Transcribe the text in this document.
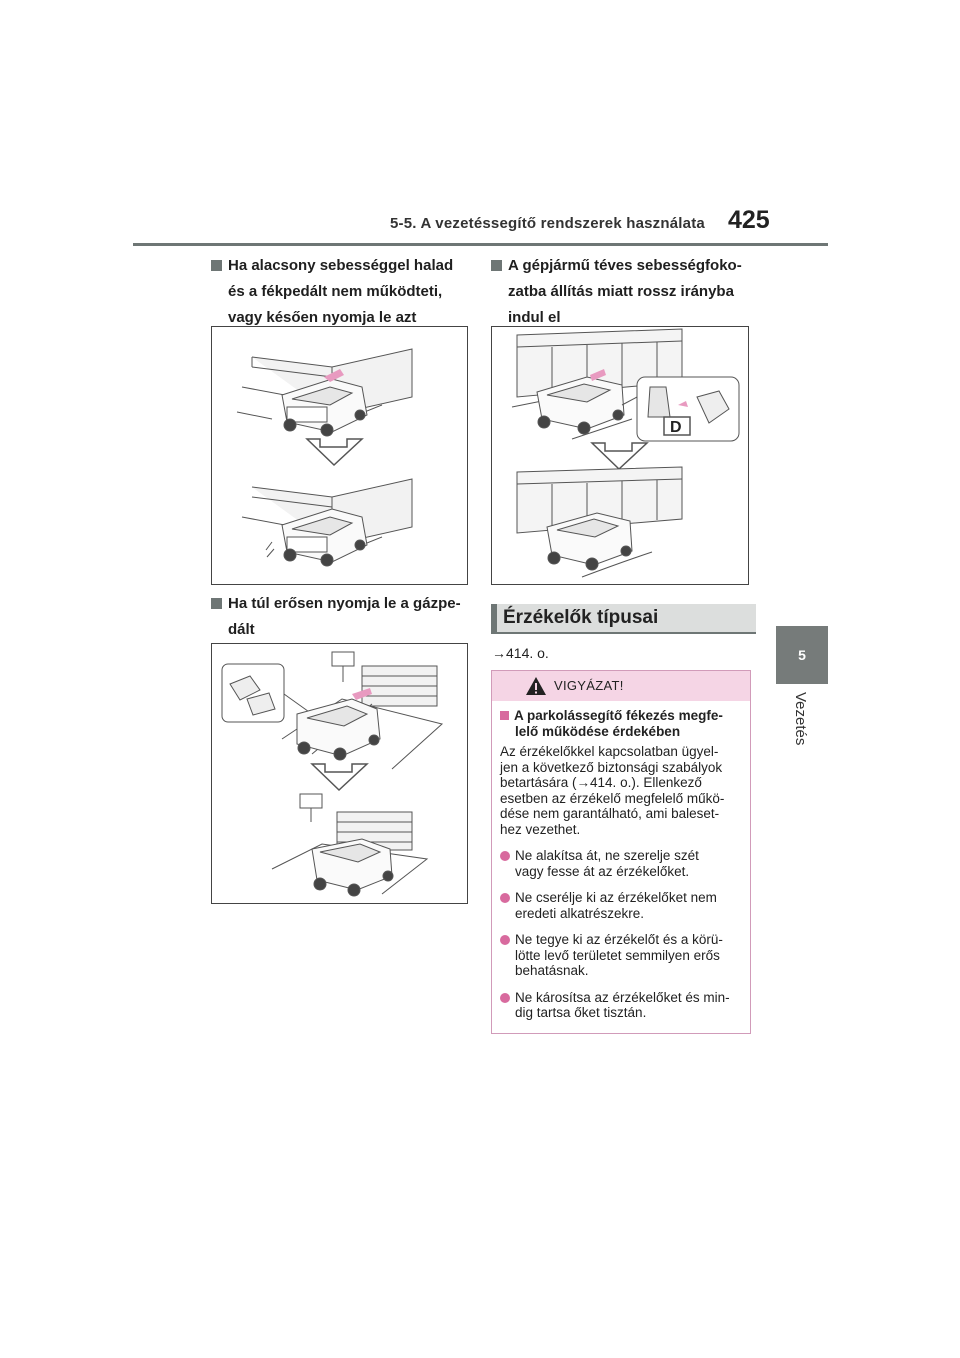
5-5. A vezetéssegítő rendszerek használata 425
5
Vezetés
Ha alacsony sebességgel halad
és a fékpedált nem működteti,
vagy késően nyomja le azt
Ha túl erősen nyomja le a gázpe-
dált
A gépjármű téves sebességfoko-
zatba állítás miatt rossz irányba
indul el
D
Érzékelők típusai
→414. o.
VIGYÁZAT!
A parkolássegítő fékezés megfe-
lelő működése érdekében
Az érzékelőkkel kapcsolatban ügyel-
jen a következő biztonsági szabályok
betartására (→414. o.). Ellenkező
esetben az érzékelő megfelelő műkö-
dése nem garantálható, ami baleset-
hez vezethet.
Ne alakítsa át, ne szerelje szét
vagy fesse át az érzékelőket.
Ne cserélje ki az érzékelőket nem
eredeti alkatrészekre.
Ne tegye ki az érzékelőt és a körü-
lötte levő területet semmilyen erős
behatásnak.
Ne károsítsa az érzékelőket és min-
dig tartsa őket tisztán.
